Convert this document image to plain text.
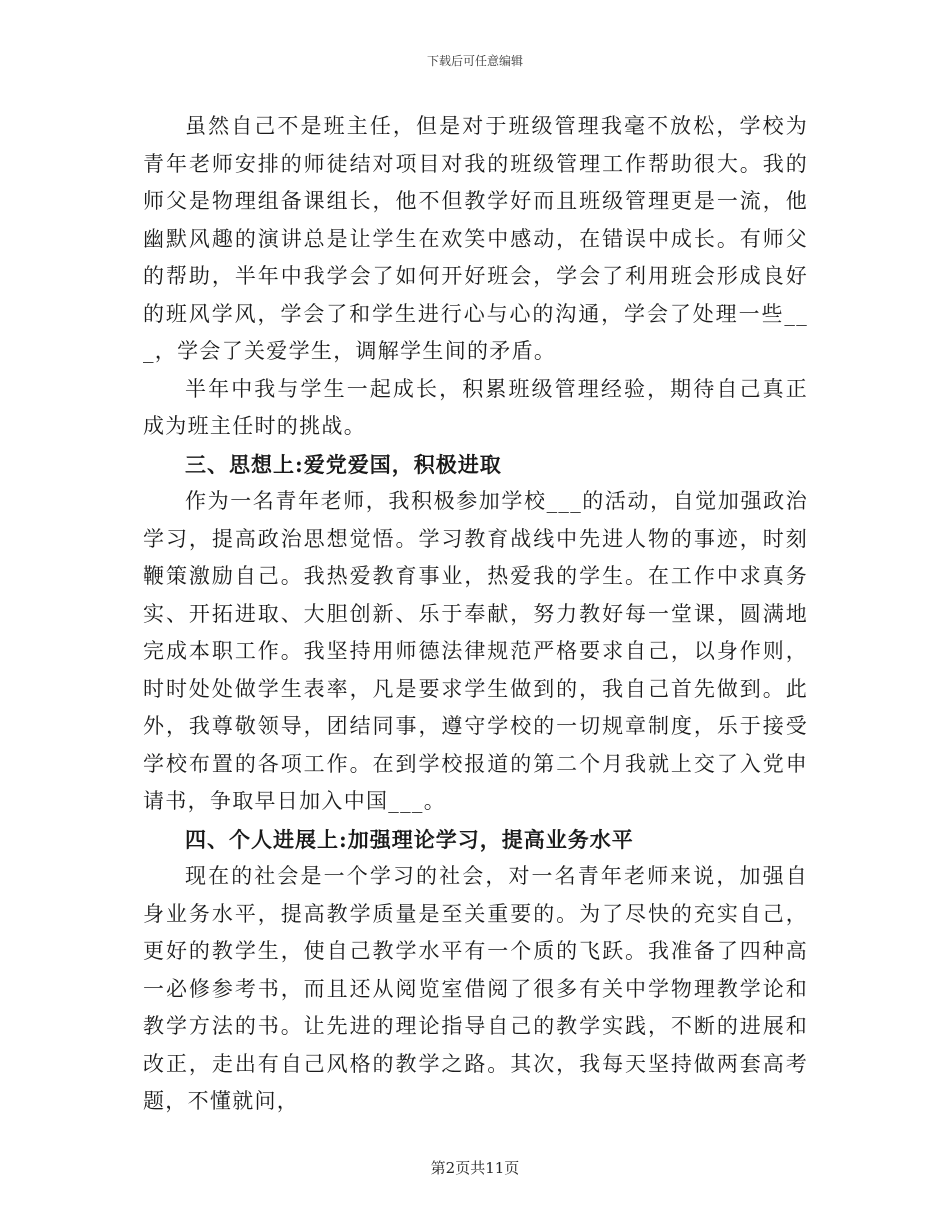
下载后可任意编辑

虽然自己不是班主任，但是对于班级管理我毫不放松，学校为青年老师安排的师徒结对项目对我的班级管理工作帮助很大。我的师父是物理组备课组长，他不但教学好而且班级管理更是一流，他幽默风趣的演讲总是让学生在欢笑中感动，在错误中成长。有师父的帮助，半年中我学会了如何开好班会，学会了利用班会形成良好的班风学风，学会了和学生进行心与心的沟通，学会了处理一些___，学会了关爱学生，调解学生间的矛盾。

半年中我与学生一起成长，积累班级管理经验，期待自己真正成为班主任时的挑战。

三、思想上:爱党爱国，积极进取

作为一名青年老师，我积极参加学校___的活动，自觉加强政治学习，提高政治思想觉悟。学习教育战线中先进人物的事迹，时刻鞭策激励自己。我热爱教育事业，热爱我的学生。在工作中求真务实、开拓进取、大胆创新、乐于奉献，努力教好每一堂课，圆满地完成本职工作。我坚持用师德法律规范严格要求自己，以身作则，时时处处做学生表率，凡是要求学生做到的，我自己首先做到。此外，我尊敬领导，团结同事，遵守学校的一切规章制度，乐于接受学校布置的各项工作。在到学校报道的第二个月我就上交了入党申请书，争取早日加入中国___。

四、个人进展上:加强理论学习，提高业务水平

现在的社会是一个学习的社会，对一名青年老师来说，加强自身业务水平，提高教学质量是至关重要的。为了尽快的充实自己，更好的教学生，使自己教学水平有一个质的飞跃。我准备了四种高一必修参考书，而且还从阅览室借阅了很多有关中学物理教学论和教学方法的书。让先进的理论指导自己的教学实践，不断的进展和改正，走出有自己风格的教学之路。其次，我每天坚持做两套高考题，不懂就问，

第2页共11页
